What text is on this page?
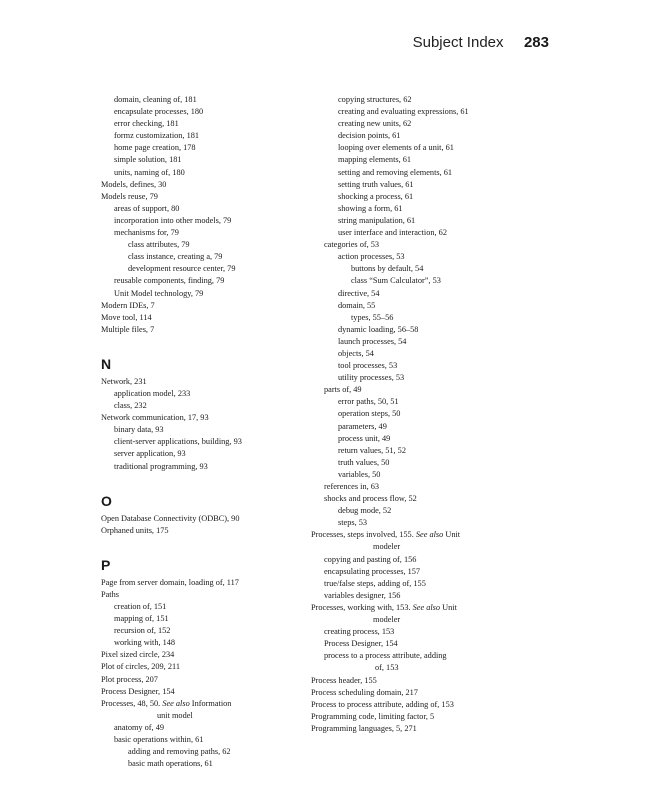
Subject Index 283
domain, cleaning of, 181
encapsulate processes, 180
error checking, 181
formz customization, 181
home page creation, 178
simple solution, 181
units, naming of, 180
Models, defines, 30
Models reuse, 79
areas of support, 80
incorporation into other models, 79
mechanisms for, 79
class attributes, 79
class instance, creating a, 79
development resource center, 79
reusable components, finding, 79
Unit Model technology, 79
Modern IDEs, 7
Move tool, 114
Multiple files, 7
N
Network, 231
application model, 233
class, 232
Network communication, 17, 93
binary data, 93
client-server applications, building, 93
server application, 93
traditional programming, 93
O
Open Database Connectivity (ODBC), 90
Orphaned units, 175
P
Page from server domain, loading of, 117
Paths
creation of, 151
mapping of, 151
recursion of, 152
working with, 148
Pixel sized circle, 234
Plot of circles, 209, 211
Plot process, 207
Process Designer, 154
Processes, 48, 50. See also Information
unit model
anatomy of, 49
basic operations within, 61
adding and removing paths, 62
basic math operations, 61
copying structures, 62
creating and evaluating expressions, 61
creating new units, 62
decision points, 61
looping over elements of a unit, 61
mapping elements, 61
setting and removing elements, 61
setting truth values, 61
shocking a process, 61
showing a form, 61
string manipulation, 61
user interface and interaction, 62
categories of, 53
action processes, 53
buttons by default, 54
class “Sum Calculator”, 53
directive, 54
domain, 55
types, 55–56
dynamic loading, 56–58
launch processes, 54
objects, 54
tool processes, 53
utility processes, 53
parts of, 49
error paths, 50, 51
operation steps, 50
parameters, 49
process unit, 49
return values, 51, 52
truth values, 50
variables, 50
references in, 63
shocks and process flow, 52
debug mode, 52
steps, 53
Processes, steps involved, 155. See also Unit
modeler
copying and pasting of, 156
encapsulating processes, 157
true/false steps, adding of, 155
variables designer, 156
Processes, working with, 153. See also Unit
modeler
creating process, 153
Process Designer, 154
process to a process attribute, adding
of, 153
Process header, 155
Process scheduling domain, 217
Process to process attribute, adding of, 153
Programming code, limiting factor, 5
Programming languages, 5, 271
